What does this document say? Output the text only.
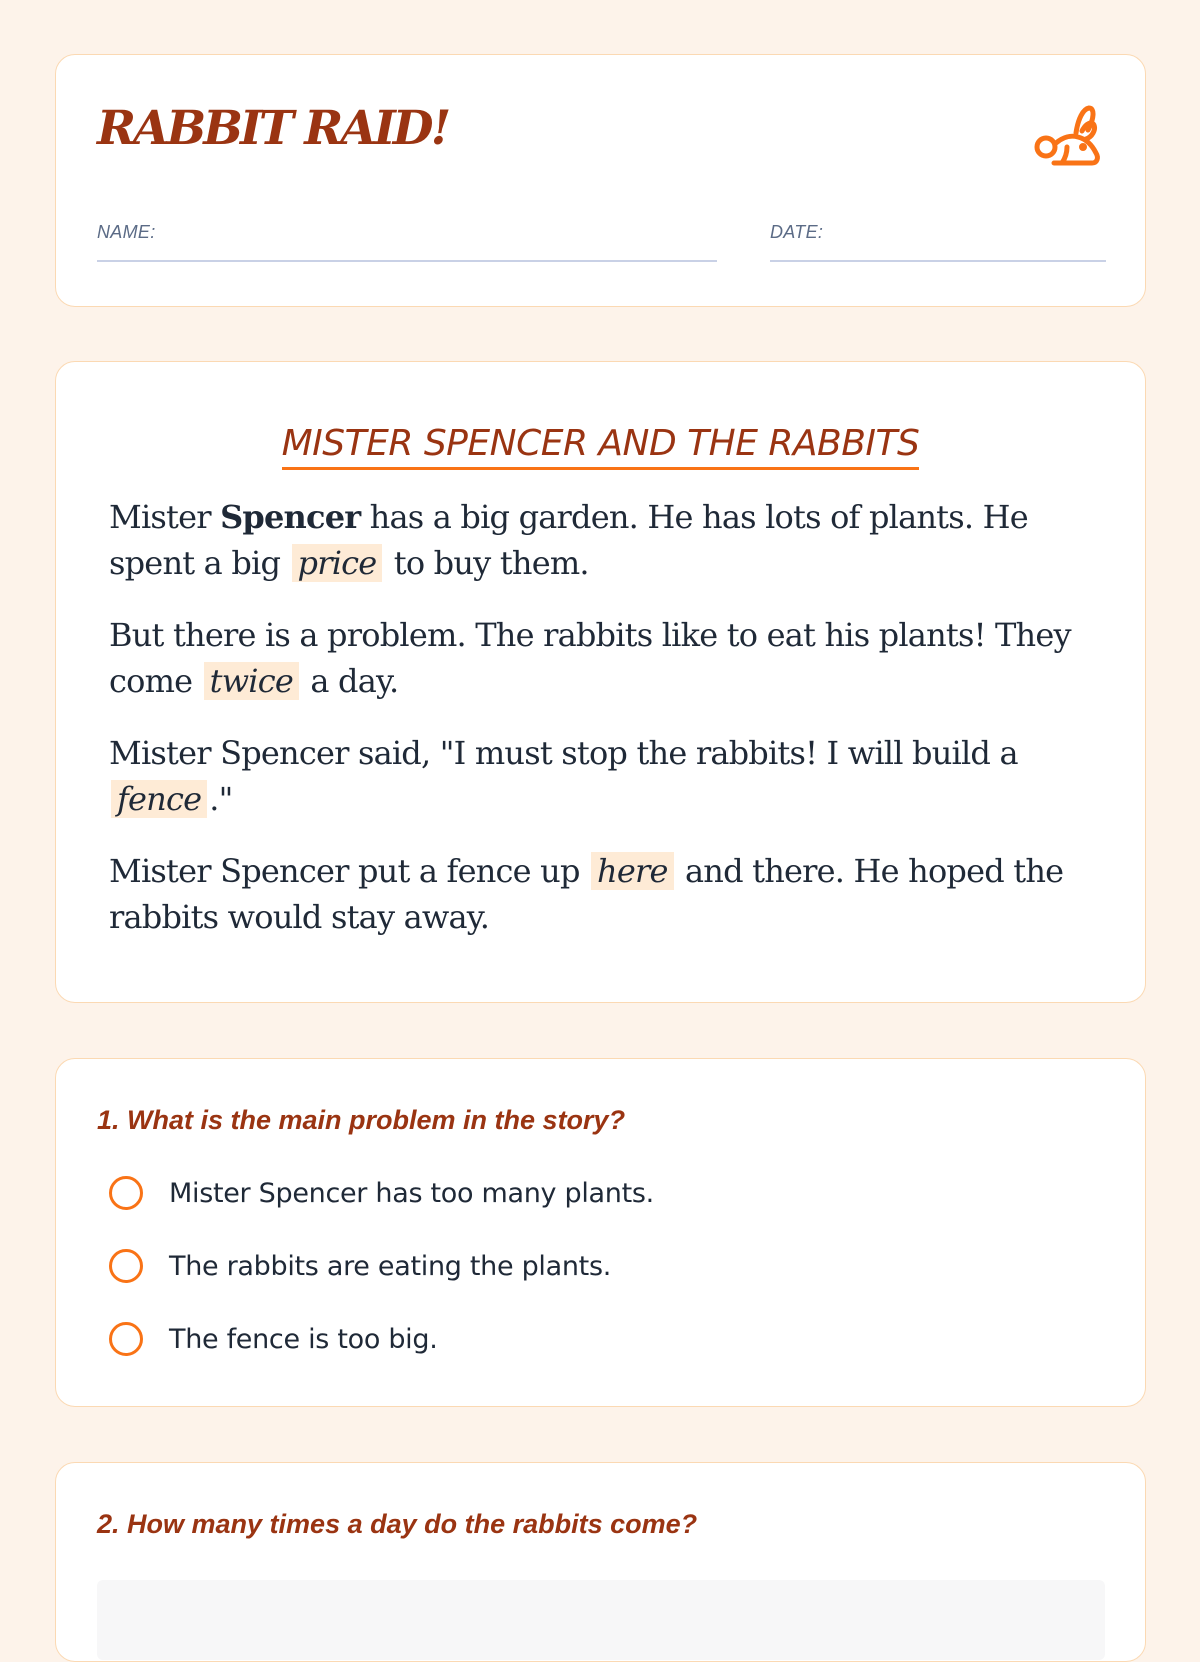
RABBIT RAID!
NAME:	DATE:
MISTER SPENCER AND THE RABBITS

Mister Spencer has a big garden. He has lots of plants. He spent a big price to buy them.

But there is a problem. The rabbits like to eat his plants! They come twice a day.

Mister Spencer said, "I must stop the rabbits! I will build a fence ."

Mister Spencer put a fence up here and there. He hoped the rabbits would stay away.

1. What is the main problem in the story?
Mister Spencer has too many plants.
The rabbits are eating the plants.
The fence is too big.
2. How many times a day do the rabbits come?
